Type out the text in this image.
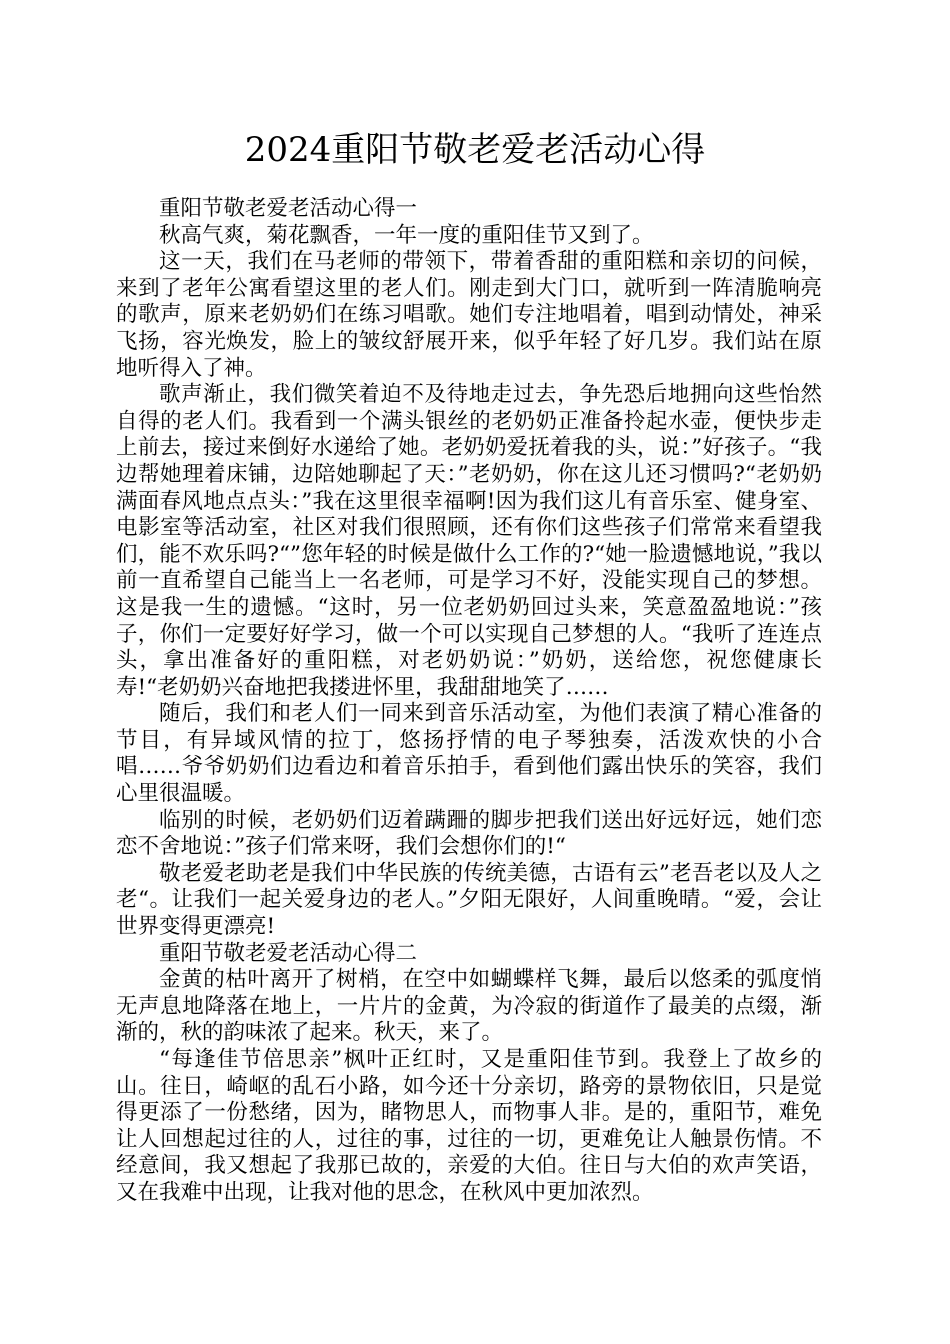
2024重阳节敬老爱老活动心得

重阳节敬老爱老活动心得一

秋高气爽，菊花飘香，一年一度的重阳佳节又到了。

这一天，我们在马老师的带领下，带着香甜的重阳糕和亲切的问候，来到了老年公寓看望这里的老人们。刚走到大门口，就听到一阵清脆响亮的歌声，原来老奶奶们在练习唱歌。她们专注地唱着，唱到动情处，神采飞扬，容光焕发，脸上的皱纹舒展开来，似乎年轻了好几岁。我们站在原地听得入了神。

歌声渐止，我们微笑着迫不及待地走过去，争先恐后地拥向这些怡然自得的老人们。我看到一个满头银丝的老奶奶正准备拎起水壶，便快步走上前去，接过来倒好水递给了她。老奶奶爱抚着我的头，说：”好孩子。“我边帮她理着床铺，边陪她聊起了天：”老奶奶，你在这儿还习惯吗?“老奶奶满面春风地点点头：”我在这里很幸福啊!因为我们这儿有音乐室、健身室、电影室等活动室，社区对我们很照顾，还有你们这些孩子们常常来看望我们，能不欢乐吗?“”您年轻的时候是做什么工作的?“她一脸遗憾地说，”我以前一直希望自己能当上一名老师，可是学习不好，没能实现自己的梦想。这是我一生的遗憾。“这时，另一位老奶奶回过头来，笑意盈盈地说：”孩子，你们一定要好好学习，做一个可以实现自己梦想的人。“我听了连连点头，拿出准备好的重阳糕，对老奶奶说：”奶奶，送给您，祝您健康长寿!“老奶奶兴奋地把我搂进怀里，我甜甜地笑了……

随后，我们和老人们一同来到音乐活动室，为他们表演了精心准备的节目，有异域风情的拉丁，悠扬抒情的电子琴独奏，活泼欢快的小合唱……爷爷奶奶们边看边和着音乐拍手，看到他们露出快乐的笑容，我们心里很温暖。

临别的时候，老奶奶们迈着蹒跚的脚步把我们送出好远好远，她们恋恋不舍地说：”孩子们常来呀，我们会想你们的!“

敬老爱老助老是我们中华民族的传统美德，古语有云”老吾老以及人之老“。让我们一起关爱身边的老人。”夕阳无限好，人间重晚晴。“爱，会让世界变得更漂亮!

重阳节敬老爱老活动心得二

金黄的枯叶离开了树梢，在空中如蝴蝶样飞舞，最后以悠柔的弧度悄无声息地降落在地上，一片片的金黄，为冷寂的街道作了最美的点缀，渐渐的，秋的韵味浓了起来。秋天，来了。

“每逢佳节倍思亲”枫叶正红时，又是重阳佳节到。我登上了故乡的山。往日，崎岖的乱石小路，如今还十分亲切，路旁的景物依旧，只是觉得更添了一份愁绪，因为，睹物思人，而物事人非。是的，重阳节，难免让人回想起过往的人，过往的事，过往的一切，更难免让人触景伤情。不经意间，我又想起了我那已故的，亲爱的大伯。往日与大伯的欢声笑语，又在我难中出现，让我对他的思念，在秋风中更加浓烈。
